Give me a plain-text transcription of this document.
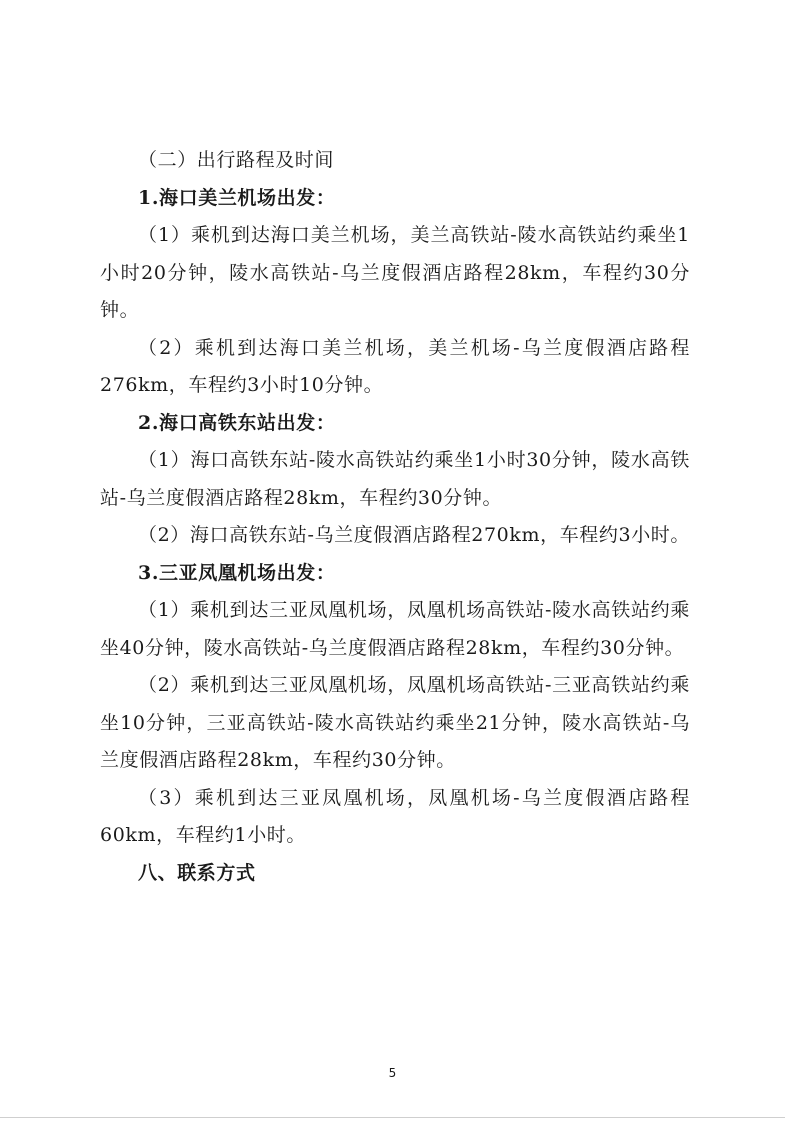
（二）出行路程及时间

1.海口美兰机场出发：

（1）乘机到达海口美兰机场，美兰高铁站-陵水高铁站约乘坐1小时20分钟，陵水高铁站-乌兰度假酒店路程28km，车程约30分钟。

（2）乘机到达海口美兰机场，美兰机场-乌兰度假酒店路程276km，车程约3小时10分钟。

2.海口高铁东站出发：

（1）海口高铁东站-陵水高铁站约乘坐1小时30分钟，陵水高铁站-乌兰度假酒店路程28km，车程约30分钟。

（2）海口高铁东站-乌兰度假酒店路程270km，车程约3小时。

3.三亚凤凰机场出发：

（1）乘机到达三亚凤凰机场，凤凰机场高铁站-陵水高铁站约乘坐40分钟，陵水高铁站-乌兰度假酒店路程28km，车程约30分钟。

（2）乘机到达三亚凤凰机场，凤凰机场高铁站-三亚高铁站约乘坐10分钟，三亚高铁站-陵水高铁站约乘坐21分钟，陵水高铁站-乌兰度假酒店路程28km，车程约30分钟。

（3）乘机到达三亚凤凰机场，凤凰机场-乌兰度假酒店路程60km，车程约1小时。

八、联系方式

5
